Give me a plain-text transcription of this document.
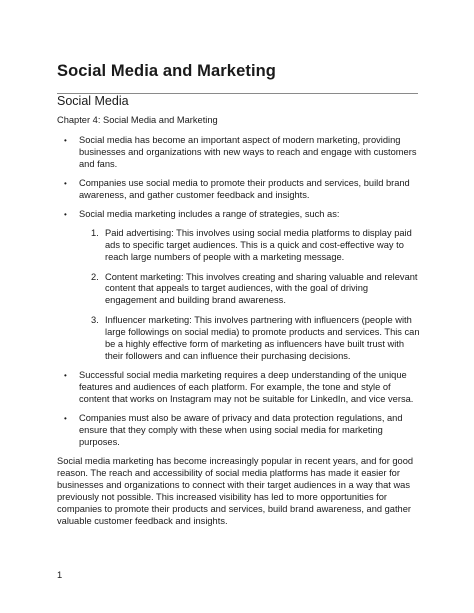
Social Media and Marketing
Social Media

Chapter 4: Social Media and Marketing

• Social media has become an important aspect of modern marketing, providing businesses and organizations with new ways to reach and engage with customers and fans.
• Companies use social media to promote their products and services, build brand awareness, and gather customer feedback and insights.
• Social media marketing includes a range of strategies, such as:
1. Paid advertising: This involves using social media platforms to display paid ads to specific target audiences. This is a quick and cost-effective way to reach large numbers of people with a marketing message.
2. Content marketing: This involves creating and sharing valuable and relevant content that appeals to target audiences, with the goal of driving engagement and building brand awareness.
3. Influencer marketing: This involves partnering with influencers (people with large followings on social media) to promote products and services. This can be a highly effective form of marketing as influencers have built trust with their followers and can influence their purchasing decisions.
• Successful social media marketing requires a deep understanding of the unique features and audiences of each platform. For example, the tone and style of content that works on Instagram may not be suitable for LinkedIn, and vice versa.
• Companies must also be aware of privacy and data protection regulations, and ensure that they comply with these when using social media for marketing purposes.

Social media marketing has become increasingly popular in recent years, and for good reason. The reach and accessibility of social media platforms has made it easier for businesses and organizations to connect with their target audiences in a way that was previously not possible. This increased visibility has led to more opportunities for companies to promote their products and services, build brand awareness, and gather valuable customer feedback and insights.

1
